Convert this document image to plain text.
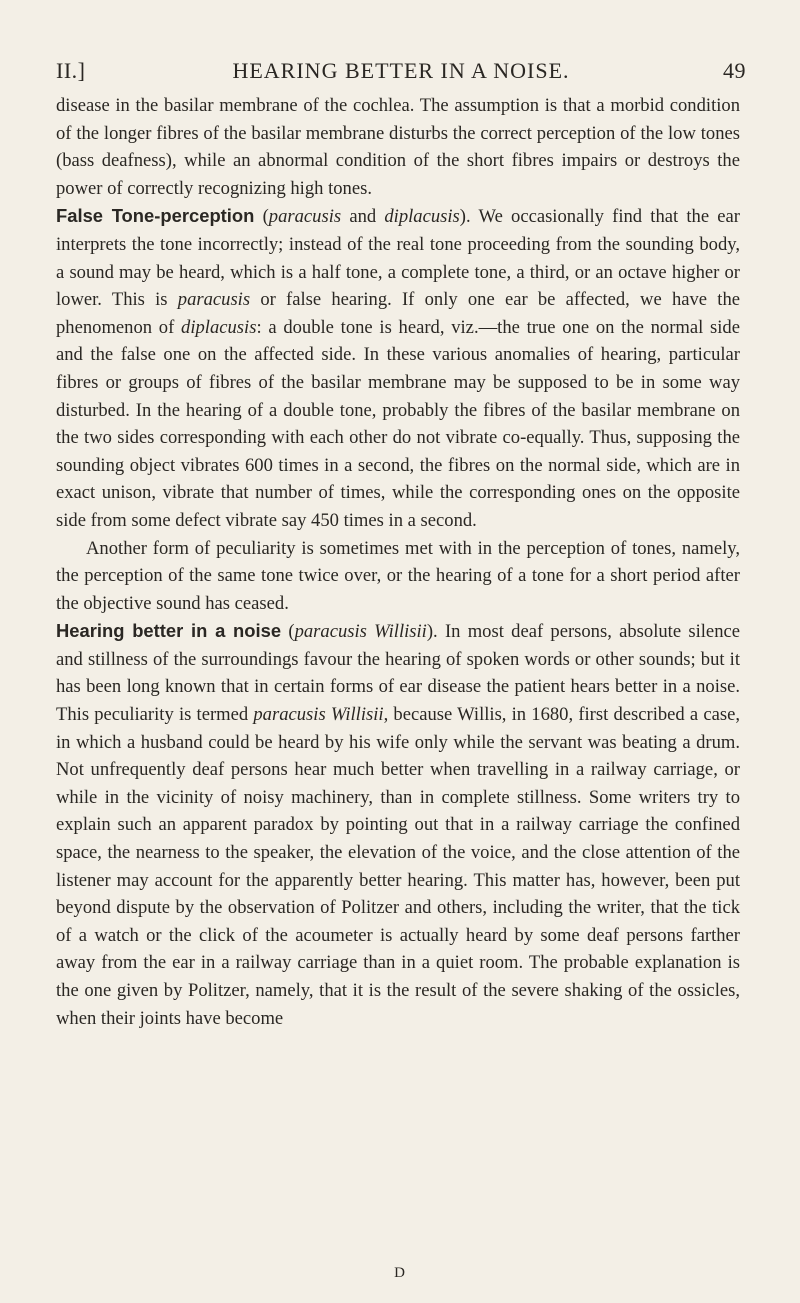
II.]	HEARING BETTER IN A NOISE.	49

disease in the basilar membrane of the cochlea. The assumption is that a morbid condition of the longer fibres of the basilar membrane disturbs the correct perception of the low tones (bass deafness), while an abnormal condition of the short fibres impairs or destroys the power of correctly recognizing high tones.

False Tone-perception (paracusis and diplacusis). We occasionally find that the ear interprets the tone incorrectly; instead of the real tone proceeding from the sounding body, a sound may be heard, which is a half tone, a complete tone, a third, or an octave higher or lower. This is paracusis or false hearing. If only one ear be affected, we have the phenomenon of diplacusis: a double tone is heard, viz.—the true one on the normal side and the false one on the affected side. In these various anomalies of hearing, particular fibres or groups of fibres of the basilar membrane may be supposed to be in some way disturbed. In the hearing of a double tone, probably the fibres of the basilar membrane on the two sides corresponding with each other do not vibrate co-equally. Thus, supposing the sounding object vibrates 600 times in a second, the fibres on the normal side, which are in exact unison, vibrate that number of times, while the corresponding ones on the opposite side from some defect vibrate say 450 times in a second.

Another form of peculiarity is sometimes met with in the perception of tones, namely, the perception of the same tone twice over, or the hearing of a tone for a short period after the objective sound has ceased.

Hearing better in a noise (paracusis Willisii). In most deaf persons, absolute silence and stillness of the surroundings favour the hearing of spoken words or other sounds; but it has been long known that in certain forms of ear disease the patient hears better in a noise. This peculiarity is termed paracusis Willisii, because Willis, in 1680, first described a case, in which a husband could be heard by his wife only while the servant was beating a drum. Not unfrequently deaf persons hear much better when travelling in a railway carriage, or while in the vicinity of noisy machinery, than in complete stillness. Some writers try to explain such an apparent paradox by pointing out that in a railway carriage the confined space, the nearness to the speaker, the elevation of the voice, and the close attention of the listener may account for the apparently better hearing. This matter has, however, been put beyond dispute by the observation of Politzer and others, including the writer, that the tick of a watch or the click of the acoumeter is actually heard by some deaf persons farther away from the ear in a railway carriage than in a quiet room. The probable explanation is the one given by Politzer, namely, that it is the result of the severe shaking of the ossicles, when their joints have become

D
